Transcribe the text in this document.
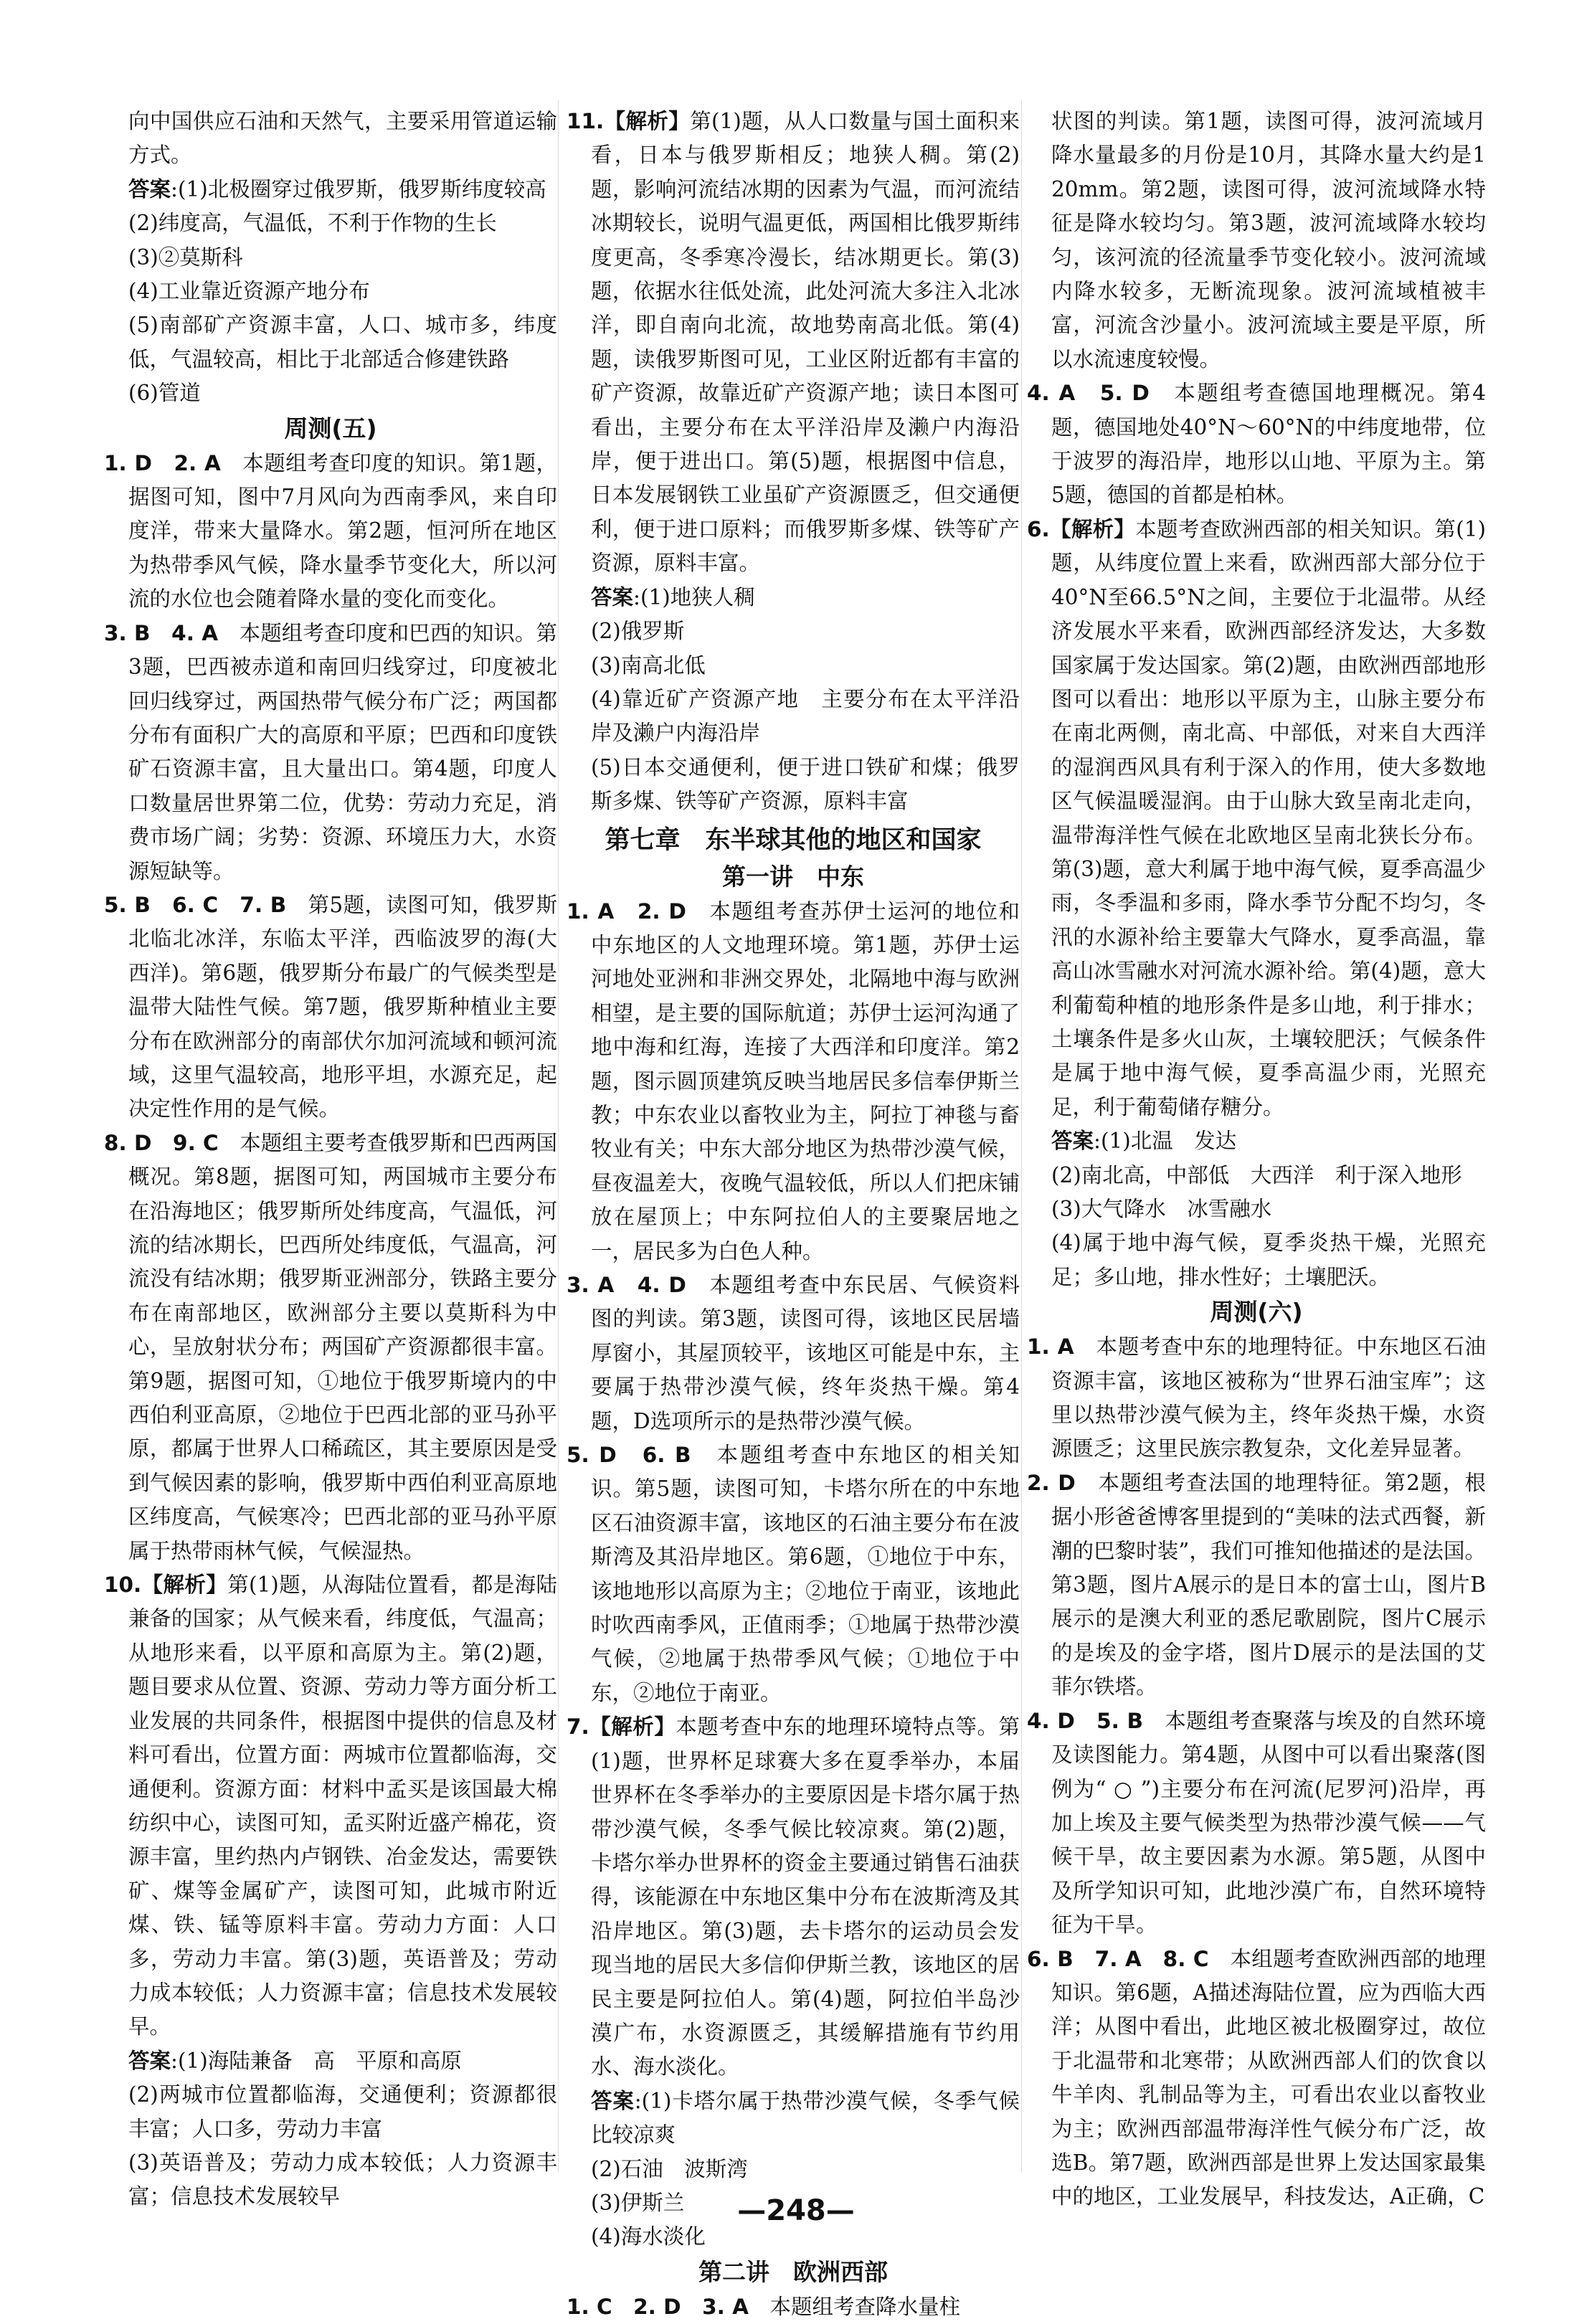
向中国供应石油和天然气，主要采用管道运输方式。

答案:(1)北极圈穿过俄罗斯，俄罗斯纬度较高

(2)纬度高，气温低，不利于作物的生长

(3)②莫斯科

(4)工业靠近资源产地分布

(5)南部矿产资源丰富，人口、城市多，纬度低，气温较高，相比于北部适合修建铁路

(6)管道

周测(五)

1. D　2. A　本题组考查印度的知识。第1题，据图可知，图中7月风向为西南季风，来自印度洋，带来大量降水。第2题，恒河所在地区为热带季风气候，降水量季节变化大，所以河流的水位也会随着降水量的变化而变化。

3. B　4. A　本题组考查印度和巴西的知识。第3题，巴西被赤道和南回归线穿过，印度被北回归线穿过，两国热带气候分布广泛；两国都分布有面积广大的高原和平原；巴西和印度铁矿石资源丰富，且大量出口。第4题，印度人口数量居世界第二位，优势：劳动力充足，消费市场广阔；劣势：资源、环境压力大，水资源短缺等。

5. B　6. C　7. B　第5题，读图可知，俄罗斯北临北冰洋，东临太平洋，西临波罗的海(大西洋)。第6题，俄罗斯分布最广的气候类型是温带大陆性气候。第7题，俄罗斯种植业主要分布在欧洲部分的南部伏尔加河流域和顿河流域，这里气温较高，地形平坦，水源充足，起决定性作用的是气候。

8. D　9. C　本题组主要考查俄罗斯和巴西两国概况。第8题，据图可知，两国城市主要分布在沿海地区；俄罗斯所处纬度高，气温低，河流的结冰期长，巴西所处纬度低，气温高，河流没有结冰期；俄罗斯亚洲部分，铁路主要分布在南部地区，欧洲部分主要以莫斯科为中心，呈放射状分布；两国矿产资源都很丰富。第9题，据图可知，①地位于俄罗斯境内的中西伯利亚高原，②地位于巴西北部的亚马孙平原，都属于世界人口稀疏区，其主要原因是受到气候因素的影响，俄罗斯中西伯利亚高原地区纬度高，气候寒冷；巴西北部的亚马孙平原属于热带雨林气候，气候湿热。

10.【解析】第(1)题，从海陆位置看，都是海陆兼备的国家；从气候来看，纬度低，气温高；从地形来看，以平原和高原为主。第(2)题，题目要求从位置、资源、劳动力等方面分析工业发展的共同条件，根据图中提供的信息及材料可看出，位置方面：两城市位置都临海，交通便利。资源方面：材料中孟买是该国最大棉纺织中心，读图可知，孟买附近盛产棉花，资源丰富，里约热内卢钢铁、冶金发达，需要铁矿、煤等金属矿产，读图可知，此城市附近煤、铁、锰等原料丰富。劳动力方面：人口多，劳动力丰富。第(3)题，英语普及；劳动力成本较低；人力资源丰富；信息技术发展较早。

答案:(1)海陆兼备　高　平原和高原

(2)两城市位置都临海，交通便利；资源都很丰富；人口多，劳动力丰富

(3)英语普及；劳动力成本较低；人力资源丰富；信息技术发展较早

11.【解析】第(1)题，从人口数量与国土面积来看，日本与俄罗斯相反；地狭人稠。第(2)题，影响河流结冰期的因素为气温，而河流结冰期较长，说明气温更低，两国相比俄罗斯纬度更高，冬季寒冷漫长，结冰期更长。第(3)题，依据水往低处流，此处河流大多注入北冰洋，即自南向北流，故地势南高北低。第(4)题，读俄罗斯图可见，工业区附近都有丰富的矿产资源，故靠近矿产资源产地；读日本图可看出，主要分布在太平洋沿岸及濑户内海沿岸，便于进出口。第(5)题，根据图中信息，日本发展钢铁工业虽矿产资源匮乏，但交通便利，便于进口原料；而俄罗斯多煤、铁等矿产资源，原料丰富。

答案:(1)地狭人稠

(2)俄罗斯

(3)南高北低

(4)靠近矿产资源产地　主要分布在太平洋沿岸及濑户内海沿岸

(5)日本交通便利，便于进口铁矿和煤；俄罗斯多煤、铁等矿产资源，原料丰富

第七章　东半球其他的地区和国家
第一讲　中东

1. A　2. D　本题组考查苏伊士运河的地位和中东地区的人文地理环境。第1题，苏伊士运河地处亚洲和非洲交界处，北隔地中海与欧洲相望，是主要的国际航道；苏伊士运河沟通了地中海和红海，连接了大西洋和印度洋。第2题，图示圆顶建筑反映当地居民多信奉伊斯兰教；中东农业以畜牧业为主，阿拉丁神毯与畜牧业有关；中东大部分地区为热带沙漠气候，昼夜温差大，夜晚气温较低，所以人们把床铺放在屋顶上；中东阿拉伯人的主要聚居地之一，居民多为白色人种。

3. A　4. D　本题组考查中东民居、气候资料图的判读。第3题，读图可得，该地区民居墙厚窗小，其屋顶较平，该地区可能是中东，主要属于热带沙漠气候，终年炎热干燥。第4题，D选项所示的是热带沙漠气候。

5. D　6. B　本题组考查中东地区的相关知识。第5题，读图可知，卡塔尔所在的中东地区石油资源丰富，该地区的石油主要分布在波斯湾及其沿岸地区。第6题，①地位于中东，该地地形以高原为主；②地位于南亚，该地此时吹西南季风，正值雨季；①地属于热带沙漠气候，②地属于热带季风气候；①地位于中东，②地位于南亚。

7.【解析】本题考查中东的地理环境特点等。第(1)题，世界杯足球赛大多在夏季举办，本届世界杯在冬季举办的主要原因是卡塔尔属于热带沙漠气候，冬季气候比较凉爽。第(2)题，卡塔尔举办世界杯的资金主要通过销售石油获得，该能源在中东地区集中分布在波斯湾及其沿岸地区。第(3)题，去卡塔尔的运动员会发现当地的居民大多信仰伊斯兰教，该地区的居民主要是阿拉伯人。第(4)题，阿拉伯半岛沙漠广布，水资源匮乏，其缓解措施有节约用水、海水淡化。

答案:(1)卡塔尔属于热带沙漠气候，冬季气候比较凉爽

(2)石油　波斯湾

(3)伊斯兰

(4)海水淡化

第二讲　欧洲西部

1. C　2. D　3. A　本题组考查降水量柱

状图的判读。第1题，读图可得，波河流域月降水量最多的月份是10月，其降水量大约是120mm。第2题，读图可得，波河流域降水特征是降水较均匀。第3题，波河流域降水较均匀，该河流的径流量季节变化较小。波河流域内降水较多，无断流现象。波河流域植被丰富，河流含沙量小。波河流域主要是平原，所以水流速度较慢。

4. A　5. D　本题组考查德国地理概况。第4题，德国地处40°N～60°N的中纬度地带，位于波罗的海沿岸，地形以山地、平原为主。第5题，德国的首都是柏林。

6.【解析】本题考查欧洲西部的相关知识。第(1)题，从纬度位置上来看，欧洲西部大部分位于40°N至66.5°N之间，主要位于北温带。从经济发展水平来看，欧洲西部经济发达，大多数国家属于发达国家。第(2)题，由欧洲西部地形图可以看出：地形以平原为主，山脉主要分布在南北两侧，南北高、中部低，对来自大西洋的湿润西风具有利于深入的作用，使大多数地区气候温暖湿润。由于山脉大致呈南北走向，温带海洋性气候在北欧地区呈南北狭长分布。第(3)题，意大利属于地中海气候，夏季高温少雨，冬季温和多雨，降水季节分配不均匀，冬汛的水源补给主要靠大气降水，夏季高温，靠高山冰雪融水对河流水源补给。第(4)题，意大利葡萄种植的地形条件是多山地，利于排水；土壤条件是多火山灰，土壤较肥沃；气候条件是属于地中海气候，夏季高温少雨，光照充足，利于葡萄储存糖分。

答案:(1)北温　发达

(2)南北高，中部低　大西洋　利于深入地形

(3)大气降水　冰雪融水

(4)属于地中海气候，夏季炎热干燥，光照充足；多山地，排水性好；土壤肥沃。

周测(六)

1. A　本题考查中东的地理特征。中东地区石油资源丰富，该地区被称为“世界石油宝库”；这里以热带沙漠气候为主，终年炎热干燥，水资源匮乏；这里民族宗教复杂，文化差异显著。

2. D　本题组考查法国的地理特征。第2题，根据小形爸爸博客里提到的“美味的法式西餐，新潮的巴黎时装”，我们可推知他描述的是法国。第3题，图片A展示的是日本的富士山，图片B展示的是澳大利亚的悉尼歌剧院，图片C展示的是埃及的金字塔，图片D展示的是法国的艾菲尔铁塔。

4. D　5. B　本题组考查聚落与埃及的自然环境及读图能力。第4题，从图中可以看出聚落(图例为“ ○ ”)主要分布在河流(尼罗河)沿岸，再加上埃及主要气候类型为热带沙漠气候——气候干旱，故主要因素为水源。第5题，从图中及所学知识可知，此地沙漠广布，自然环境特征为干旱。

6. B　7. A　8. C　本组题考查欧洲西部的地理知识。第6题，A描述海陆位置，应为西临大西洋；从图中看出，此地区被北极圈穿过，故位于北温带和北寒带；从欧洲西部人们的饮食以牛羊肉、乳制品等为主，可看出农业以畜牧业为主；欧洲西部温带海洋性气候分布广泛，故选B。第7题，欧洲西部是世界上发达国家最集中的地区，工业发展早，科技发达，A正确，C

—248—
